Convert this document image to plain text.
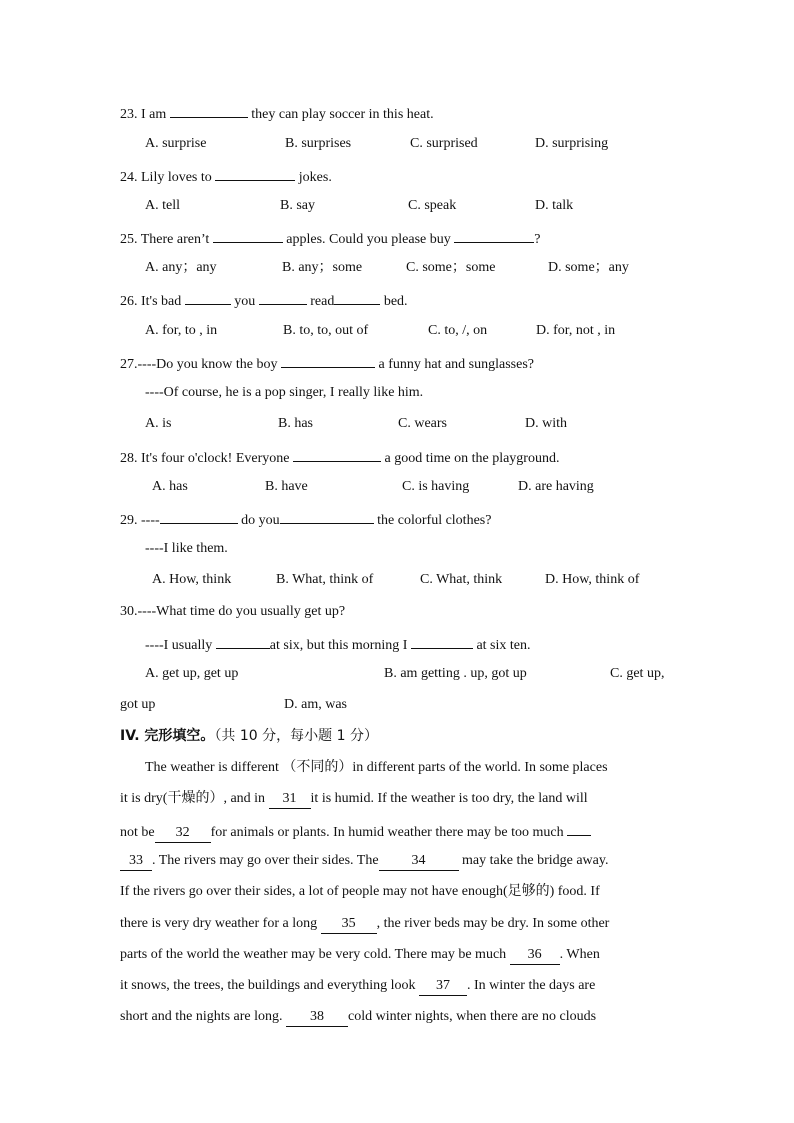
23. I am	they can play soccer in this heat.
A. surprise	B. surprises	C. surprised	D. surprising
24. Lily loves to	jokes.
A. tell	B. say	C. speak	D. talk
25. There aren’t	apples. Could you please buy	?
A. any；any	B. any；some	C. some；some	D. some；any
26. It's bad	you	read	bed.
A. for, to , in	B. to, to, out of	C. to, /, on	D. for, not , in
27.----Do you know the boy	a funny hat and sunglasses?
----Of course, he is a pop singer, I really like him.
A. is	B. has	C. wears	D. with
28. It's four o'clock! Everyone	a good time on the playground.
A. has	B. have	C. is having	D. are having
29. ----	do you	the colorful clothes?
----I like them.
A. How, think	B. What, think of	C. What, think	D. How, think of
30.----What time do you usually get up?
----I usually	at six, but this morning I	at six ten.
A. get up, get up	B. am getting . up, got up	C. get up,
got up	D. am, was
IV. 完形填空。（共 10 分，每小题 1 分）
The weather is different （不同的）in different parts of the world. In some places
it is dry(干燥的）, and in 31 it is humid. If the weather is too dry, the land will
not be 32 for animals or plants. In humid weather there may be too much
33 . The rivers may go over their sides. The 34	may take the bridge away.
If the rivers go over their sides, a lot of people may not have enough(足够的) food. If
there is very dry weather for a long 35 , the river beds may be dry. In some other
parts of the world the weather may be very cold. There may be much 36 . When
it snows, the trees, the buildings and everything look 37 . In winter the days are
short and the nights are long. 38 cold winter nights, when there are no clouds
